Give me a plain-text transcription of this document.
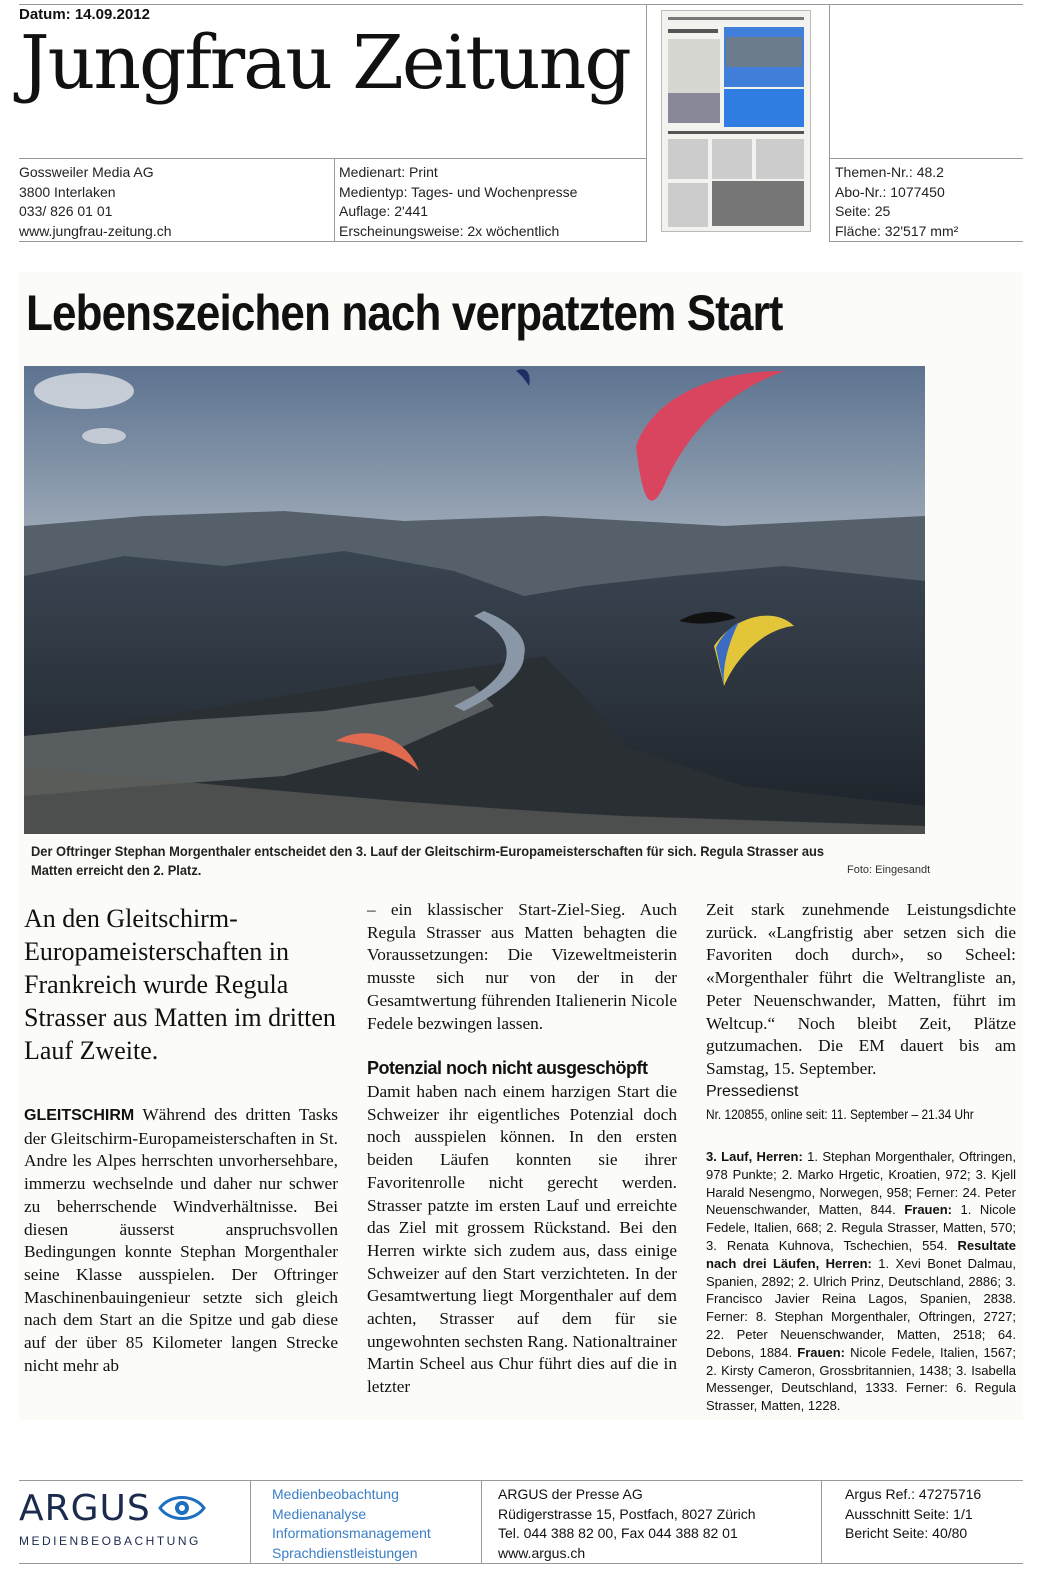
Datum: 14.09.2012
Jungfrau Zeitung
Gossweiler Media AG
3800 Interlaken
033/ 826 01 01
www.jungfrau-zeitung.ch
Medienart: Print
Medientyp: Tages- und Wochenpresse
Auflage: 2'441
Erscheinungsweise: 2x wöchentlich
Themen-Nr.: 48.2
Abo-Nr.: 1077450
Seite: 25
Fläche: 32'517 mm²
Lebenszeichen nach verpatztem Start
Der Oftringer Stephan Morgenthaler entscheidet den 3. Lauf der Gleitschirm-Europameisterschaften für sich. Regula Strasser aus Matten erreicht den 2. Platz.	Foto: Eingesandt
An den Gleitschirm-Europameisterschaften in Frankreich wurde Regula Strasser aus Matten im dritten Lauf Zweite.
GLEITSCHIRM Während des dritten Tasks der Gleitschirm-Europameisterschaften in St. Andre les Alpes herrschten unvorhersehbare, immerzu wechselnde und daher nur schwer zu beherrschende Windverhältnisse. Bei diesen äusserst anspruchsvollen Bedingungen konnte Stephan Morgenthaler seine Klasse ausspielen. Der Oftringer Maschinenbauingenieur setzte sich gleich nach dem Start an die Spitze und gab diese auf der über 85 Kilometer langen Strecke nicht mehr ab
– ein klassischer Start-Ziel-Sieg. Auch Regula Strasser aus Matten behagten die Voraussetzungen: Die Vizeweltmeisterin musste sich nur von der in der Gesamtwertung führenden Italienerin Nicole Fedele bezwingen lassen.
Potenzial noch nicht ausgeschöpft
Damit haben nach einem harzigen Start die Schweizer ihr eigentliches Potenzial doch noch ausspielen können. In den ersten beiden Läufen konnten sie ihrer Favoritenrolle nicht gerecht werden. Strasser patzte im ersten Lauf und erreichte das Ziel mit grossem Rückstand. Bei den Herren wirkte sich zudem aus, dass einige Schweizer auf den Start verzichteten. In der Gesamtwertung liegt Morgenthaler auf dem achten, Strasser auf dem für sie ungewohnten sechsten Rang. Nationaltrainer Martin Scheel aus Chur führt dies auf die in letzter
Zeit stark zunehmende Leistungsdichte zurück. «Langfristig aber setzen sich die Favoriten doch durch», so Scheel: «Morgenthaler führt die Weltrangliste an, Peter Neuenschwander, Matten, führt im Weltcup.“ Noch bleibt Zeit, Plätze gutzumachen. Die EM dauert bis am Samstag, 15. September.
Pressedienst
Nr. 120855, online seit: 11. September – 21.34 Uhr
3. Lauf, Herren: 1. Stephan Morgenthaler, Oftringen, 978 Punkte; 2. Marko Hrgetic, Kroatien, 972; 3. Kjell Harald Nesengmo, Norwegen, 958; Ferner: 24. Peter Neuenschwander, Matten, 844. Frauen: 1. Nicole Fedele, Italien, 668; 2. Regula Strasser, Matten, 570; 3. Renata Kuhnova, Tschechien, 554. Resultate nach drei Läufen, Herren: 1. Xevi Bonet Dalmau, Spanien, 2892; 2. Ulrich Prinz, Deutschland, 2886; 3. Francisco Javier Reina Lagos, Spanien, 2838. Ferner: 8. Stephan Morgenthaler, Oftringen, 2727; 22. Peter Neuenschwander, Matten, 2518; 64. Debons, 1884. Frauen: Nicole Fedele, Italien, 1567; 2. Kirsty Cameron, Grossbritannien, 1438; 3. Isabella Messenger, Deutschland, 1333. Ferner: 6. Regula Strasser, Matten, 1228.
ARGUS
MEDIENBEOBACHTUNG
Medienbeobachtung
Medienanalyse
Informationsmanagement
Sprachdienstleistungen
ARGUS der Presse AG
Rüdigerstrasse 15, Postfach, 8027 Zürich
Tel. 044 388 82 00, Fax 044 388 82 01
www.argus.ch
Argus Ref.: 47275716
Ausschnitt Seite: 1/1
Bericht Seite: 40/80
